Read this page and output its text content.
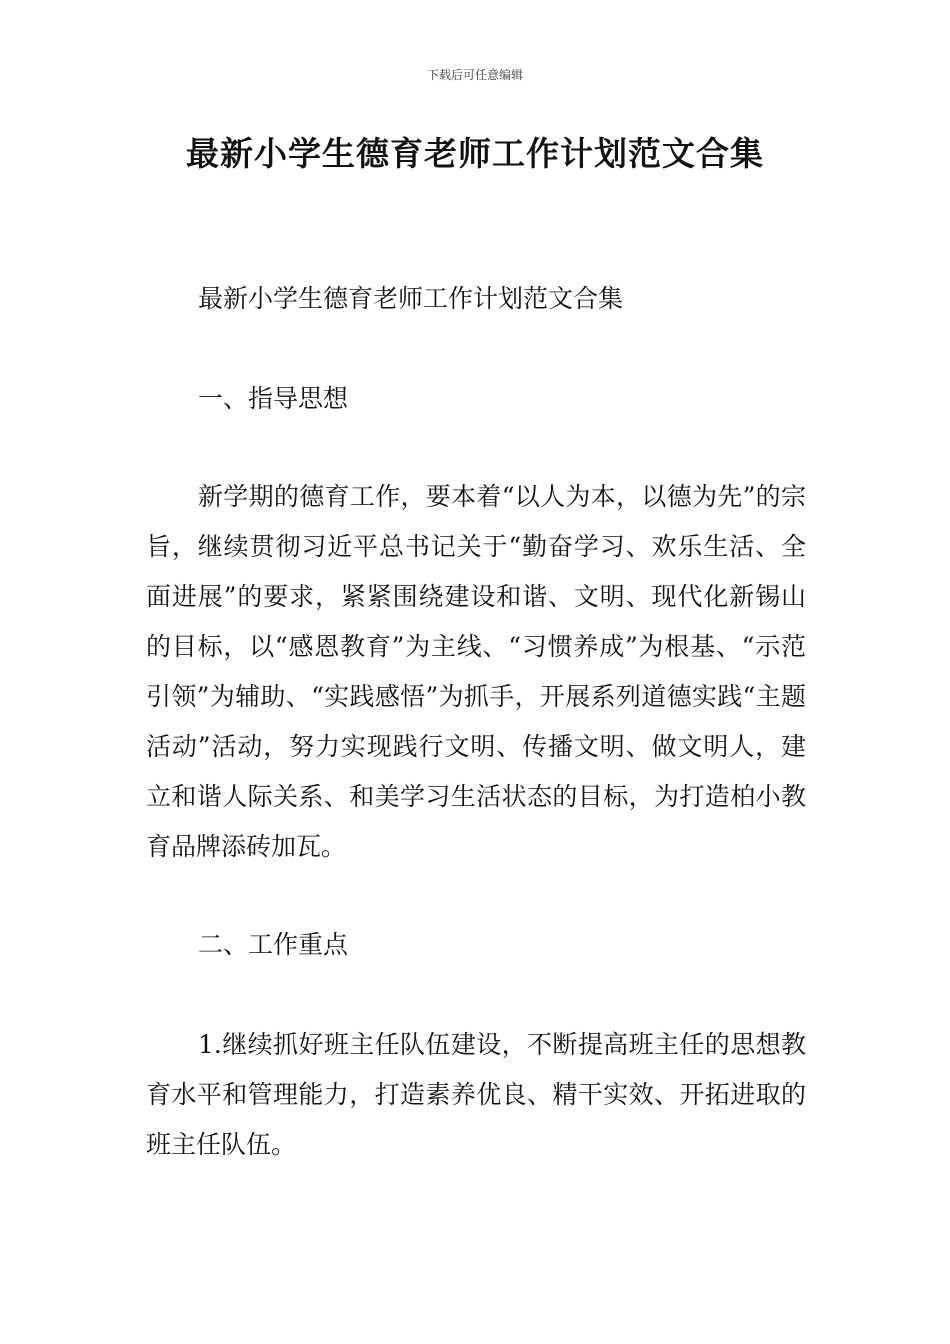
下载后可任意编辑
最新小学生德育老师工作计划范文合集
最新小学生德育老师工作计划范文合集
一、指导思想
新学期的德育工作，要本着“以人为本，以德为先”的宗旨，继续贯彻习近平总书记关于“勤奋学习、欢乐生活、全面进展”的要求，紧紧围绕建设和谐、文明、现代化新锡山的目标，以“感恩教育”为主线、“习惯养成”为根基、“示范引领”为辅助、“实践感悟”为抓手，开展系列道德实践“主题活动”活动，努力实现践行文明、传播文明、做文明人，建立和谐人际关系、和美学习生活状态的目标，为打造柏小教育品牌添砖加瓦。
二、工作重点
1.继续抓好班主任队伍建设，不断提高班主任的思想教育水平和管理能力，打造素养优良、精干实效、开拓进取的班主任队伍。
